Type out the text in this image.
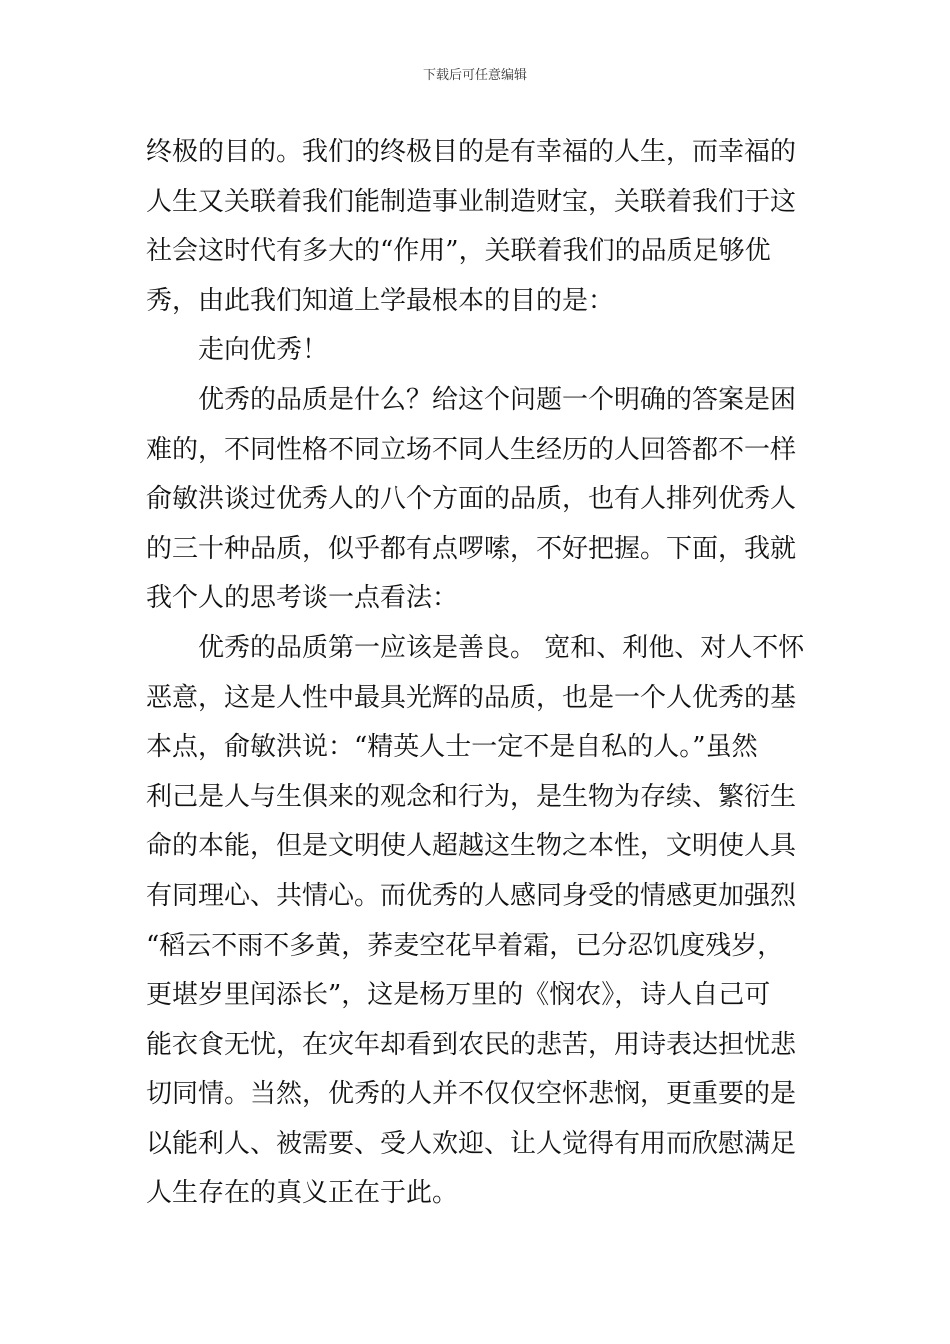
下载后可任意编辑
终极的目的。我们的终极目的是有幸福的人生，而幸福的
人生又关联着我们能制造事业制造财宝，关联着我们于这
社会这时代有多大的“作用”，关联着我们的品质足够优
秀，由此我们知道上学最根本的目的是：
走向优秀！
优秀的品质是什么？给这个问题一个明确的答案是困
难的，不同性格不同立场不同人生经历的人回答都不一样
俞敏洪谈过优秀人的八个方面的品质，也有人排列优秀人
的三十种品质，似乎都有点啰嗦，不好把握。下面，我就
我个人的思考谈一点看法：
优秀的品质第一应该是善良。 宽和、利他、对人不怀
恶意，这是人性中最具光辉的品质，也是一个人优秀的基
本点，俞敏洪说：“精英人士一定不是自私的人。”虽然
利己是人与生俱来的观念和行为，是生物为存续、繁衍生
命的本能，但是文明使人超越这生物之本性，文明使人具
有同理心、共情心。而优秀的人感同身受的情感更加强烈
“稻云不雨不多黄，荞麦空花早着霜，已分忍饥度残岁，
更堪岁里闰添长”，这是杨万里的《悯农》，诗人自己可
能衣食无忧，在灾年却看到农民的悲苦，用诗表达担忧悲
切同情。当然，优秀的人并不仅仅空怀悲悯，更重要的是
以能利人、被需要、受人欢迎、让人觉得有用而欣慰满足
人生存在的真义正在于此。
